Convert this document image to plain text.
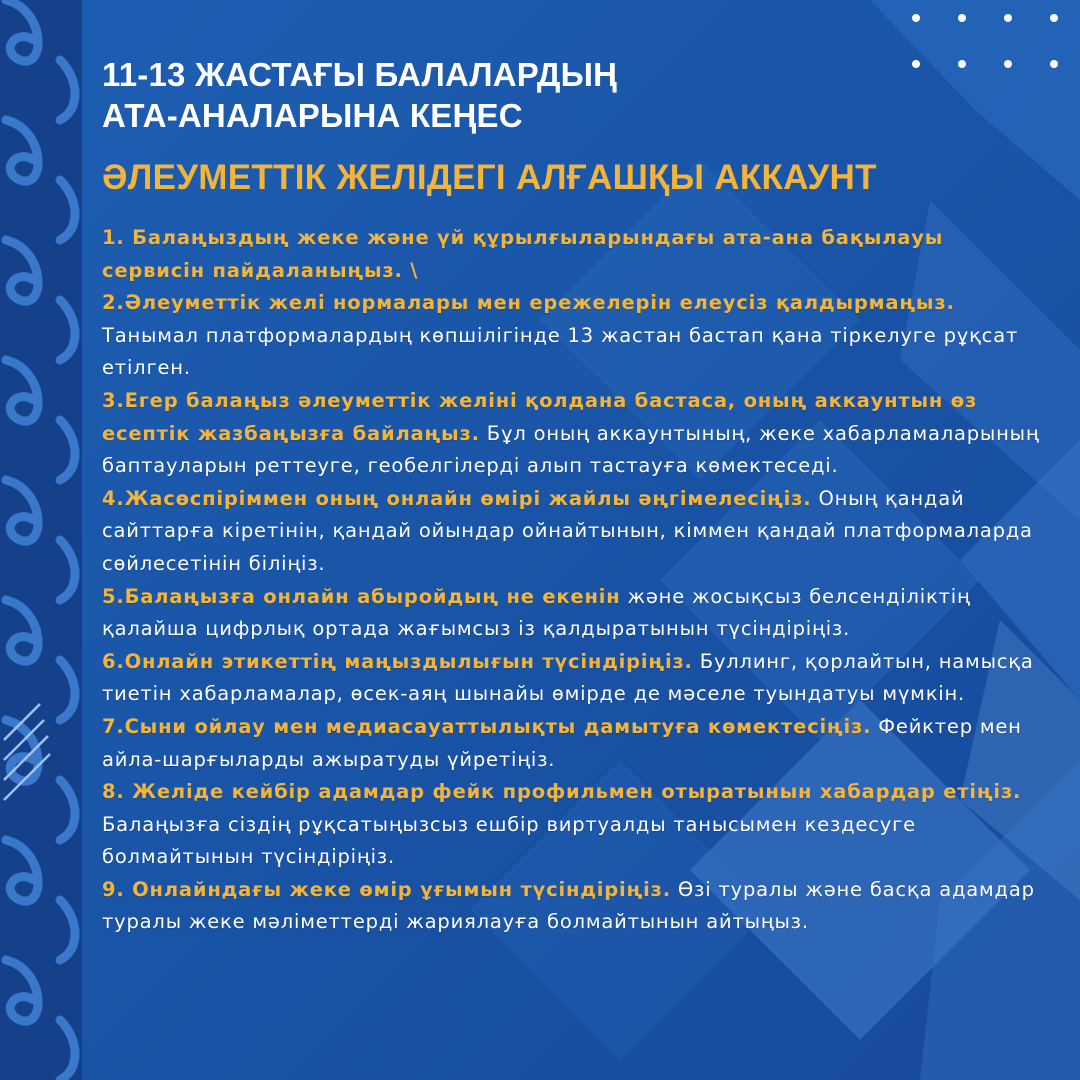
11-13 ЖАСТАҒЫ БАЛАЛАРДЫҢ

АТА-АНАЛАРЫНА КЕҢЕС

ӘЛЕУМЕТТІК ЖЕЛІДЕГІ АЛҒАШҚЫ АККАУНТ

1. Балаңыздың жеке және үй құрылғыларындағы ата-ана бақылауы сервисін пайдаланыңыз. \

2.Әлеуметтік желі нормалары мен ережелерін елеусіз қалдырмаңыз. Танымал платформалардың көпшілігінде 13 жастан бастап қана тіркелуге рұқсат етілген.

3.Егер балаңыз әлеуметтік желіні қолдана бастаса, оның аккаунтын өз есептік жазбаңызға байлаңыз. Бұл оның аккаунтының, жеке хабарламаларының баптауларын реттеуге, геобелгілерді алып тастауға көмектеседі.

4.Жасөспіріммен оның онлайн өмірі жайлы әңгімелесіңіз. Оның қандай сайттарға кіретінін, қандай ойындар ойнайтынын, кіммен қандай платформаларда сөйлесетінін біліңіз.

5.Балаңызға онлайн абыройдың не екенін және жосықсыз белсенділіктің қалайша цифрлық ортада жағымсыз із қалдыратынын түсіндіріңіз.

6.Онлайн этикеттің маңыздылығын түсіндіріңіз. Буллинг, қорлайтын, намысқа тиетін хабарламалар, өсек-аяң шынайы өмірде де мәселе туындатуы мүмкін.

7.Сыни ойлау мен медиасауаттылықты дамытуға көмектесіңіз. Фейктер мен айла-шарғыларды ажыратуды үйретіңіз.

8. Желіде кейбір адамдар фейк профильмен отыратынын хабардар етіңіз. Балаңызға сіздің рұқсатыңызсыз ешбір виртуалды танысымен кездесуге болмайтынын түсіндіріңіз.

9. Онлайндағы жеке өмір ұғымын түсіндіріңіз. Өзі туралы және басқа адамдар туралы жеке мәліметтерді жариялауға болмайтынын айтыңыз.
